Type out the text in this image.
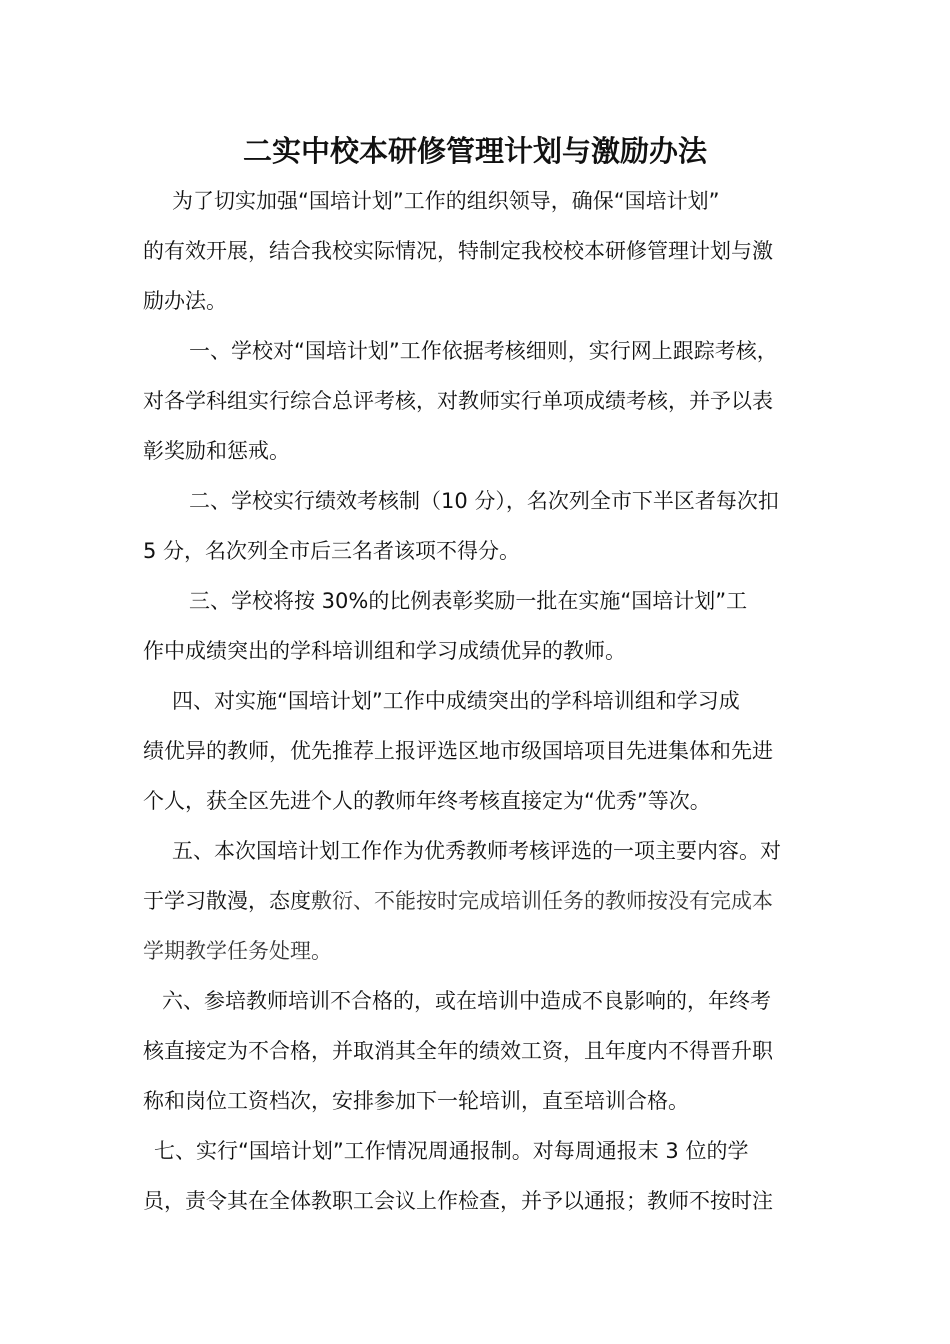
二实中校本研修管理计划与激励办法
为了切实加强“国培计划”工作的组织领导，确保“国培计划”
的有效开展，结合我校实际情况，特制定我校校本研修管理计划与激
励办法。
一、学校对“国培计划”工作依据考核细则，实行网上跟踪考核，
对各学科组实行综合总评考核，对教师实行单项成绩考核，并予以表
彰奖励和惩戒。
二、学校实行绩效考核制（10 分），名次列全市下半区者每次扣
5 分，名次列全市后三名者该项不得分。
三、学校将按 30%的比例表彰奖励一批在实施“国培计划”工
作中成绩突出的学科培训组和学习成绩优异的教师。
四、对实施“国培计划”工作中成绩突出的学科培训组和学习成
绩优异的教师，优先推荐上报评选区地市级国培项目先进集体和先进
个人，获全区先进个人的教师年终考核直接定为“优秀”等次。
五、本次国培计划工作作为优秀教师考核评选的一项主要内容。对
于学习散漫，态度敷衍、不能按时完成培训任务的教师按没有完成本
学期教学任务处理。
六、参培教师培训不合格的，或在培训中造成不良影响的，年终考
核直接定为不合格，并取消其全年的绩效工资，且年度内不得晋升职
称和岗位工资档次，安排参加下一轮培训，直至培训合格。
七、实行“国培计划”工作情况周通报制。对每周通报末 3 位的学
员，责令其在全体教职工会议上作检查，并予以通报；教师不按时注
